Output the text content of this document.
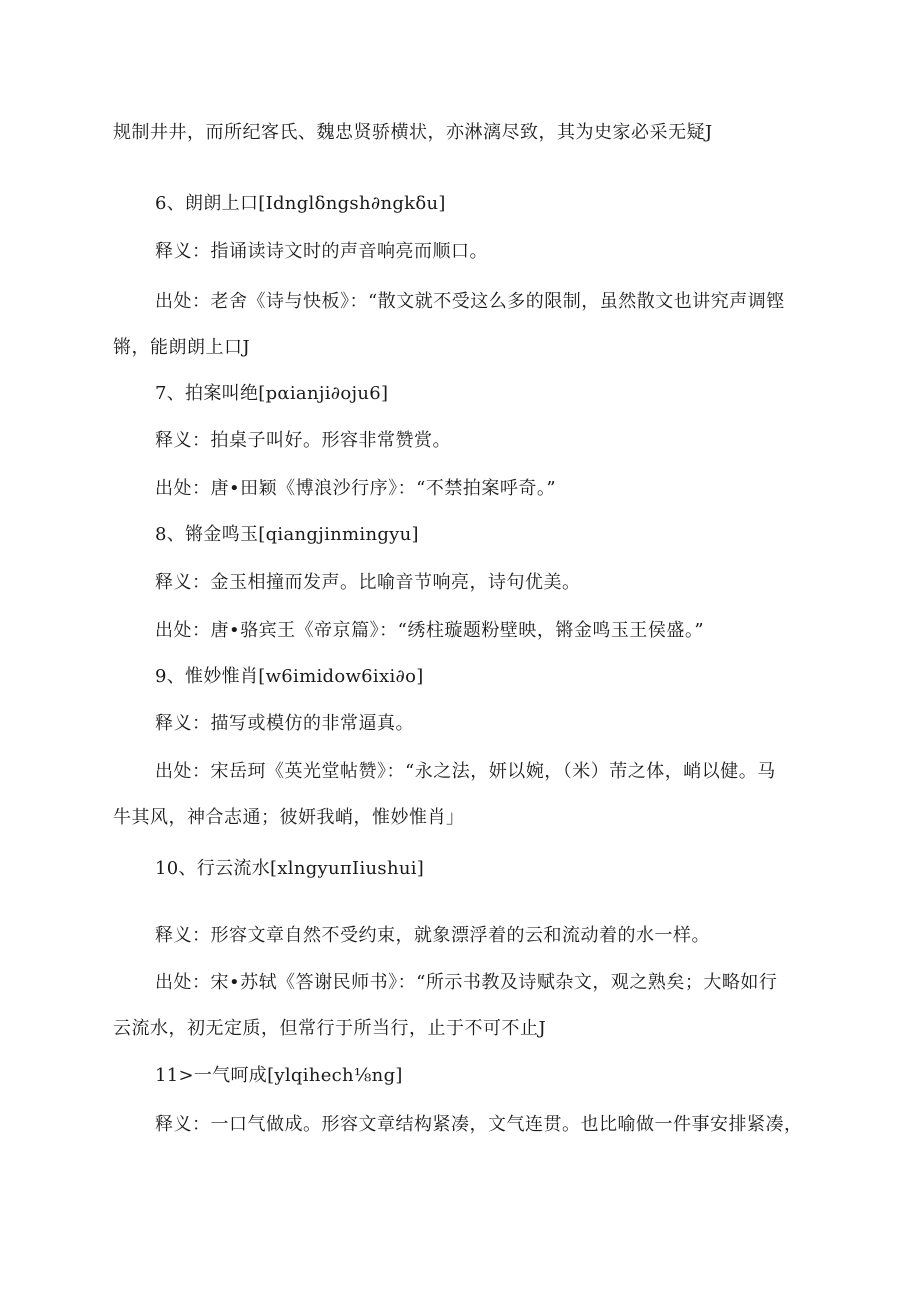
规制井井，而所纪客氏、魏忠贤骄横状，亦淋漓尽致，其为史家必采无疑J
6、朗朗上口[Idnglδngsh∂ngkδu]
释义：指诵读诗文时的声音响亮而顺口。
出处：老舍《诗与快板》：“散文就不受这么多的限制，虽然散文也讲究声调铿
锵，能朗朗上口J
7、拍案叫绝[pαianji∂oju6]
释义：拍桌子叫好。形容非常赞赏。
出处：唐•田颖《博浪沙行序》：“不禁拍案呼奇。”
8、锵金鸣玉[qiangjinmingyu]
释义：金玉相撞而发声。比喻音节响亮，诗句优美。
出处：唐•骆宾王《帝京篇》：“绣柱璇题粉壁映，锵金鸣玉王侯盛。”
9、惟妙惟肖[w6imidow6ixi∂o]
释义：描写或模仿的非常逼真。
出处：宋岳珂《英光堂帖赞》：“永之法，妍以婉，（米）芾之体，峭以健。马
牛其风，神合志通；彼妍我峭，惟妙惟肖」
10、行云流水[xlngyuπIiushui]
释义：形容文章自然不受约束，就象漂浮着的云和流动着的水一样。
出处：宋•苏轼《答谢民师书》：“所示书教及诗赋杂文，观之熟矣；大略如行
云流水，初无定质，但常行于所当行，止于不可不止J
11>一气呵成[ylqihech⅛ng]
释义：一口气做成。形容文章结构紧凑，文气连贯。也比喻做一件事安排紧凑，
